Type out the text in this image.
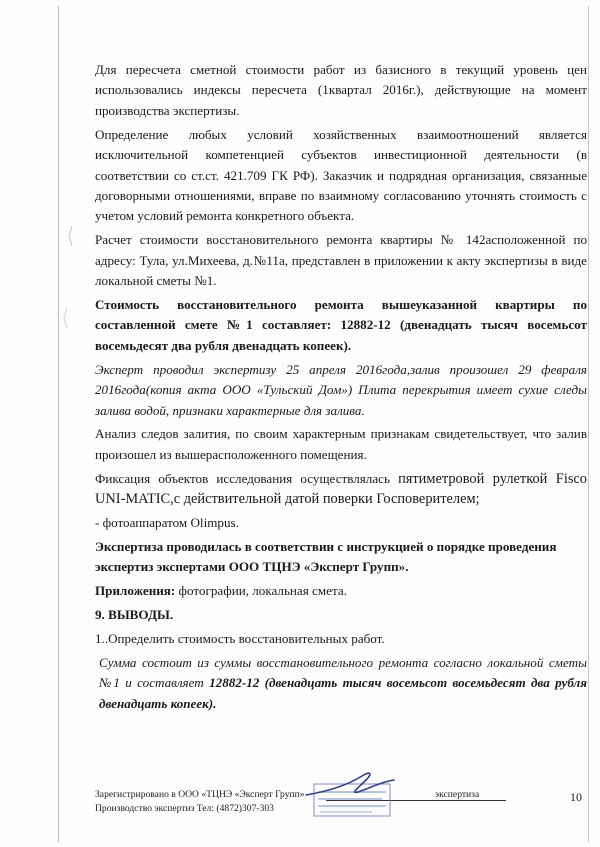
Для пересчета сметной стоимости работ из базисного в текущий уровень цен использовались индексы пересчета (1квартал 2016г.), действующие на момент производства экспертизы.

Определение любых условий хозяйственных взаимоотношений является исключительной компетенцией субъектов инвестиционной деятельности (в соответствии со ст.ст. 421.709 ГК РФ). Заказчик и подрядная организация, связанные договорными отношениями, вправе по взаимному согласованию уточнять стоимость с учетом условий ремонта конкретного объекта.

Расчет стоимости восстановительного ремонта квартиры № 142асположенной по адресу: Тула, ул.Михеева, д.№11а, представлен в приложении к акту экспертизы в виде локальной сметы №1.

Стоимость восстановительного ремонта вышеуказанной квартиры по составленной смете №1 составляет: 12882-12 (двенадцать тысяч восемьсот восемьдесят два рубля двенадцать копеек).

Эксперт проводил экспертизу 25 апреля 2016года,залив произошел 29 февраля 2016года(копия акта ООО «Тульский Дом») Плита перекрытия имеет сухие следы залива водой, признаки характерные для залива.

Анализ следов залития, по своим характерным признакам свидетельствует, что залив произошел из вышерасположенного помещения.

Фиксация объектов исследования осуществлялась пятиметровой рулеткой Fisco UNI-MATIC,с действительной датой поверки Госповерителем;

- фотоаппаратом Olimpus.

Экспертиза проводилась в соответствии с инструкцией о порядке проведения экспертиз экспертами ООО ТЦНЭ «Эксперт Групп».

Приложения: фотографии, локальная смета.

9. ВЫВОДЫ.

1..Определить стоимость восстановительных работ.

Сумма состоит из суммы восстановительного ремонта согласно локальной сметы №1 и составляет 12882-12 (двенадцать тысяч восемьсот восемьдесят два рубля двенадцать копеек).

Зарегистрировано в ООО «ТЦНЭ «Эксперт Групп»
Производство экспертиз Тел: (4872)307-303
экспертиза	10
